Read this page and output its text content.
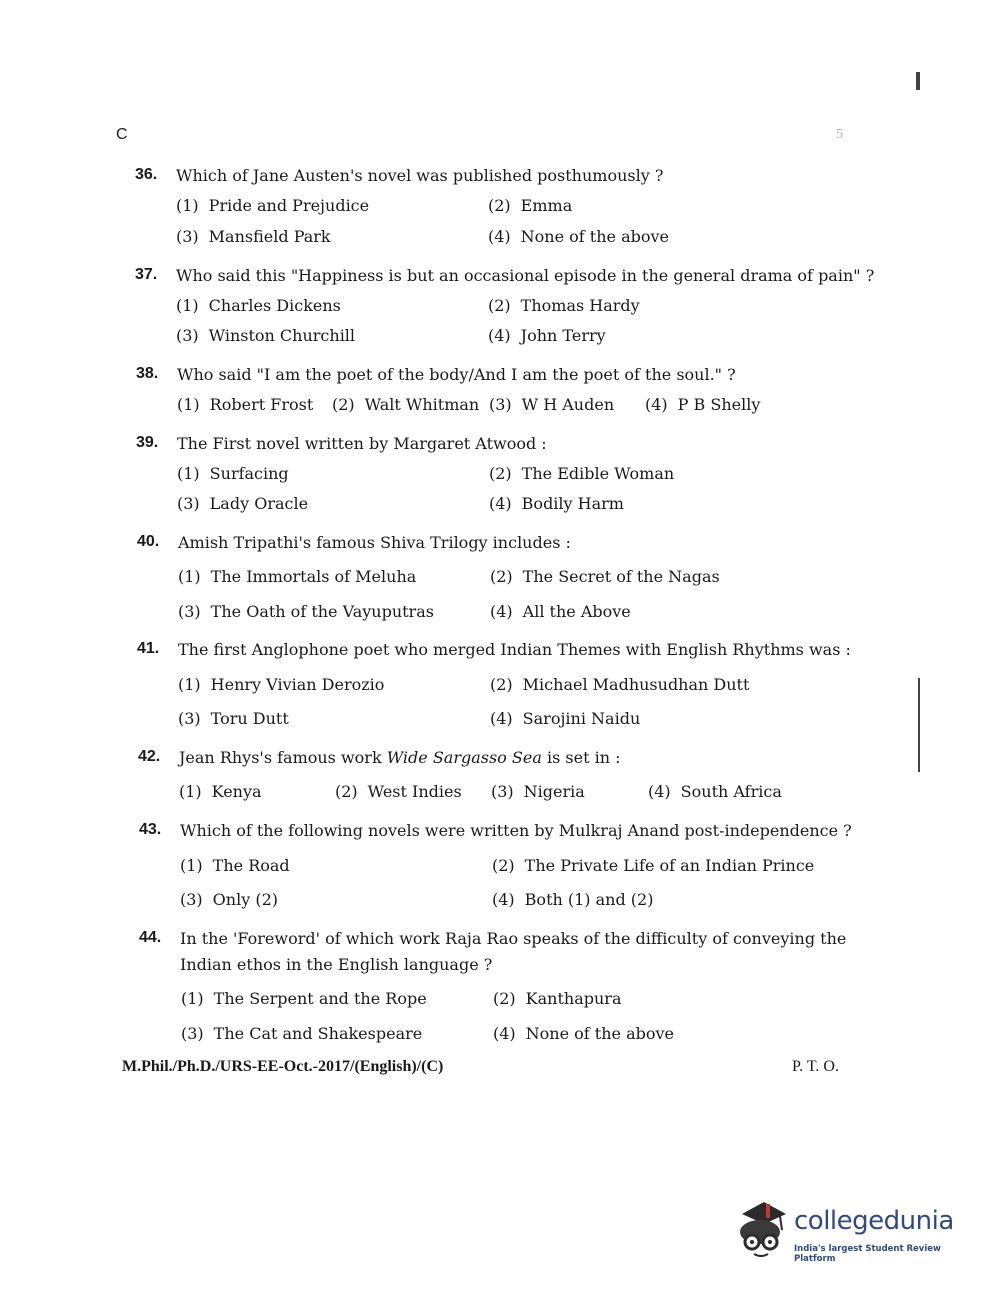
C	5
36. Which of Jane Austen's novel was published posthumously ?
(1) Pride and Prejudice	(2) Emma
(3) Mansfield Park	(4) None of the above
37. Who said this "Happiness is but an occasional episode in the general drama of pain" ?
(1) Charles Dickens	(2) Thomas Hardy
(3) Winston Churchill	(4) John Terry
38. Who said "I am the poet of the body/And I am the poet of the soul." ?
(1) Robert Frost (2) Walt Whitman (3) W H Auden (4) P B Shelly
39. The First novel written by Margaret Atwood :
(1) Surfacing	(2) The Edible Woman
(3) Lady Oracle	(4) Bodily Harm
40. Amish Tripathi's famous Shiva Trilogy includes :
(1) The Immortals of Meluha	(2) The Secret of the Nagas
(3) The Oath of the Vayuputras	(4) All the Above
41. The first Anglophone poet who merged Indian Themes with English Rhythms was :
(1) Henry Vivian Derozio	(2) Michael Madhusudhan Dutt
(3) Toru Dutt	(4) Sarojini Naidu
42. Jean Rhys's famous work Wide Sargasso Sea is set in :
(1) Kenya	(2) West Indies (3) Nigeria	(4) South Africa
43. Which of the following novels were written by Mulkraj Anand post-independence ?
(1) The Road	(2) The Private Life of an Indian Prince
(3) Only (2)	(4) Both (1) and (2)
44. In the 'Foreword' of which work Raja Rao speaks of the difficulty of conveying the
Indian ethos in the English language ?
(1) The Serpent and the Rope	(2) Kanthapura
(3) The Cat and Shakespeare	(4) None of the above
M.Phil./Ph.D./URS-EE-Oct.-2017/(English)/(C)	P. T. O.
collegedunia
India's largest Student Review Platform
